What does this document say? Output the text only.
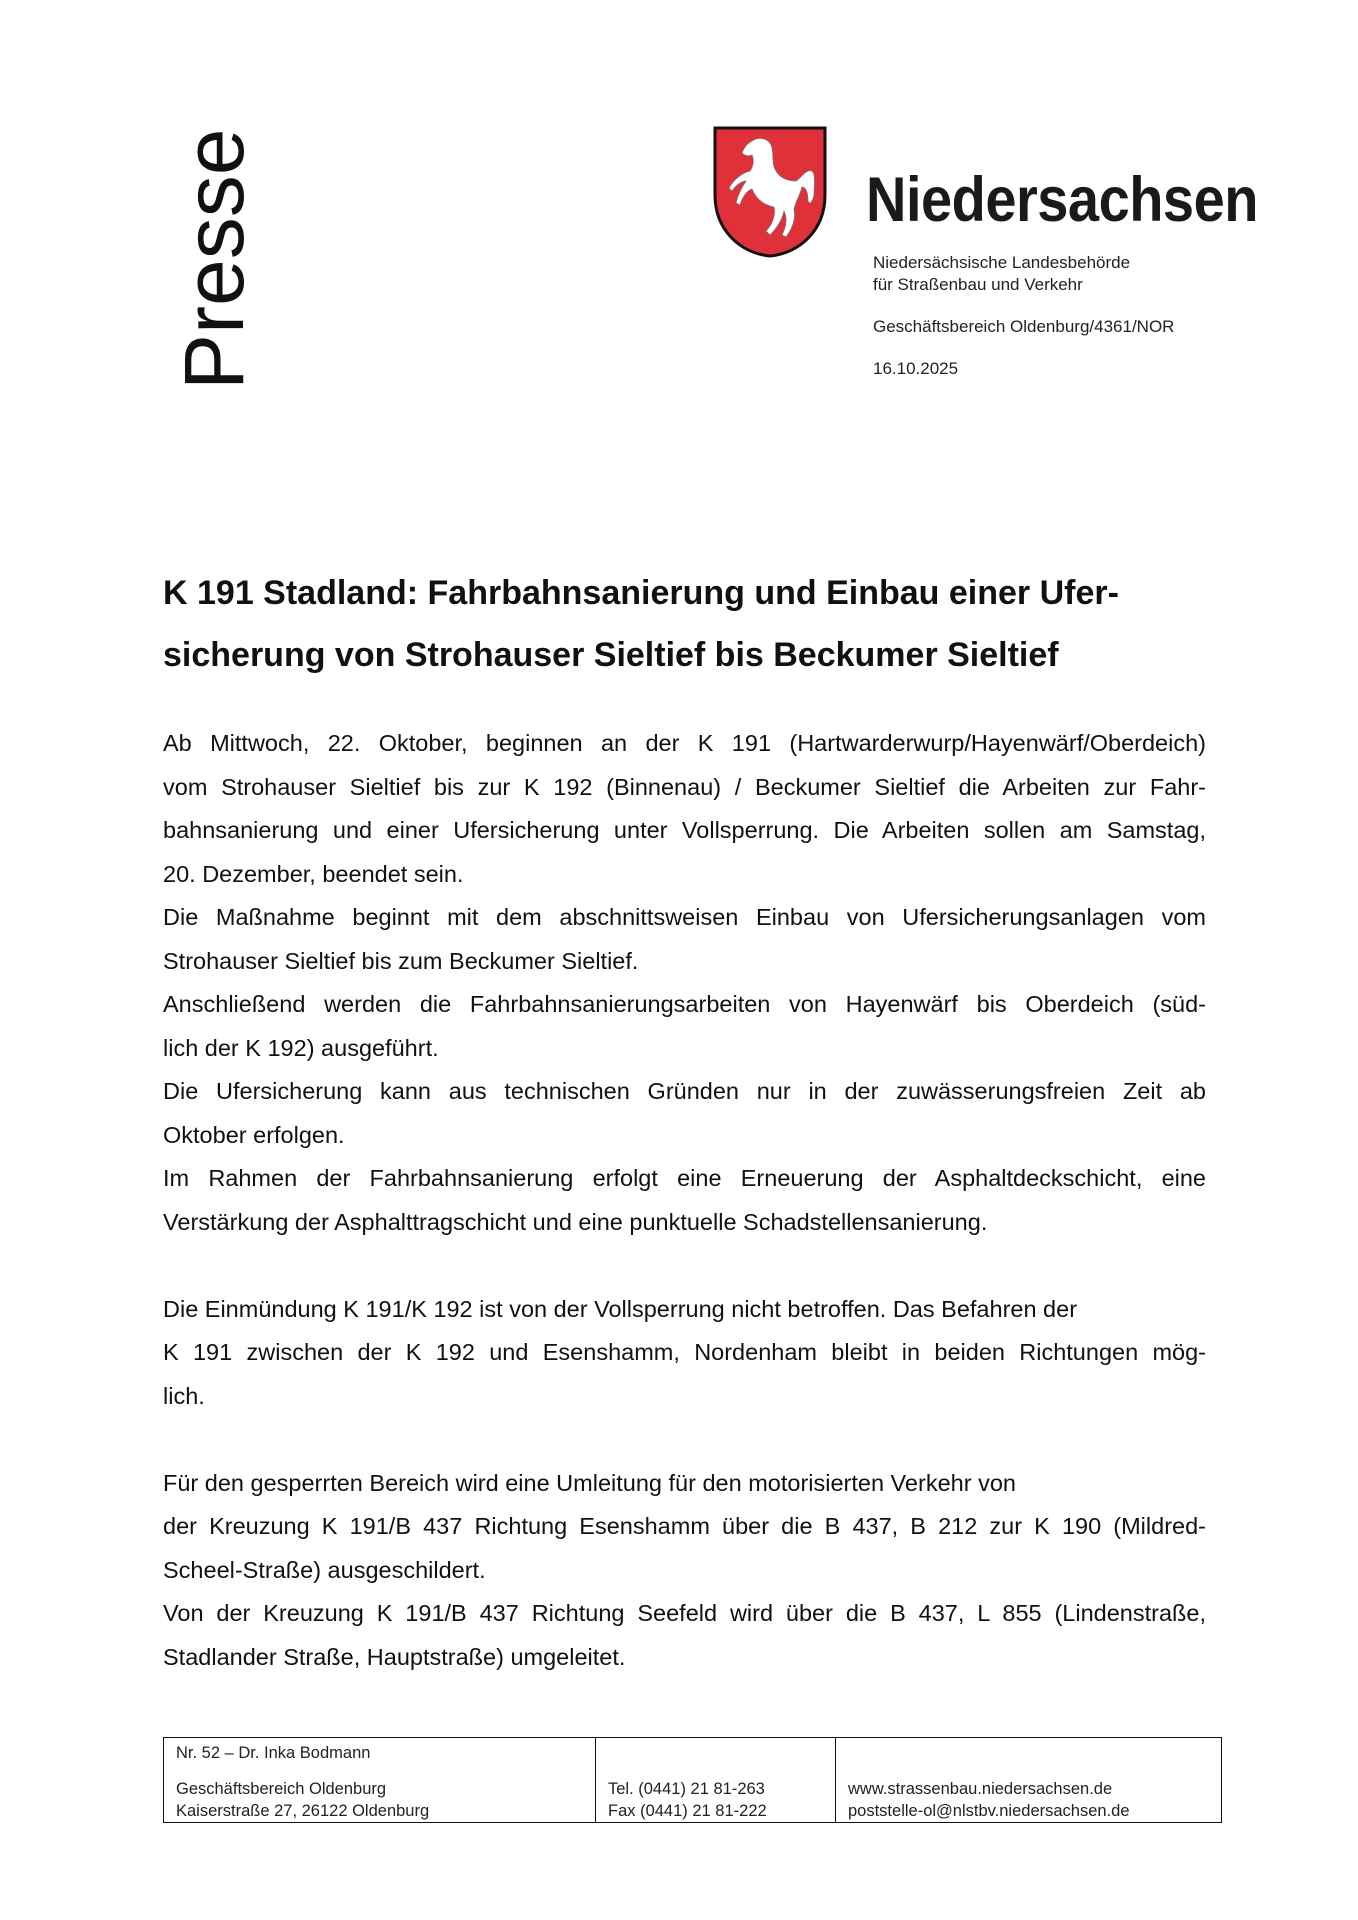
Presse	Niedersachsen
Niedersächsische Landesbehörde
für Straßenbau und Verkehr
Geschäftsbereich Oldenburg/4361/NOR
16.10.2025
K 191 Stadland: Fahrbahnsanierung und Einbau einer Ufer-
sicherung von Strohauser Sieltief bis Beckumer Sieltief
Ab Mittwoch, 22. Oktober, beginnen an der K 191 (Hartwarderwurp/Hayenwärf/Oberdeich)
vom Strohauser Sieltief bis zur K 192 (Binnenau) / Beckumer Sieltief die Arbeiten zur Fahr-
bahnsanierung und einer Ufersicherung unter Vollsperrung. Die Arbeiten sollen am Samstag,
20. Dezember, beendet sein.
Die Maßnahme beginnt mit dem abschnittsweisen Einbau von Ufersicherungsanlagen vom
Strohauser Sieltief bis zum Beckumer Sieltief.
Anschließend werden die Fahrbahnsanierungsarbeiten von Hayenwärf bis Oberdeich (süd-
lich der K 192) ausgeführt.
Die Ufersicherung kann aus technischen Gründen nur in der zuwässerungsfreien Zeit ab
Oktober erfolgen.
Im Rahmen der Fahrbahnsanierung erfolgt eine Erneuerung der Asphaltdeckschicht, eine
Verstärkung der Asphalttragschicht und eine punktuelle Schadstellensanierung.
Die Einmündung K 191/K 192 ist von der Vollsperrung nicht betroffen. Das Befahren der
K 191 zwischen der K 192 und Esenshamm, Nordenham bleibt in beiden Richtungen mög-
lich.
Für den gesperrten Bereich wird eine Umleitung für den motorisierten Verkehr von
der Kreuzung K 191/B 437 Richtung Esenshamm über die B 437, B 212 zur K 190 (Mildred-
Scheel-Straße) ausgeschildert.
Von der Kreuzung K 191/B 437 Richtung Seefeld wird über die B 437, L 855 (Lindenstraße,
Stadlander Straße, Hauptstraße) umgeleitet.
Nr. 52 – Dr. Inka Bodmann
Geschäftsbereich Oldenburg
Kaiserstraße 27, 26122 Oldenburg
Tel. (0441) 21 81-263
Fax (0441) 21 81-222
www.strassenbau.niedersachsen.de
poststelle-ol@nlstbv.niedersachsen.de
